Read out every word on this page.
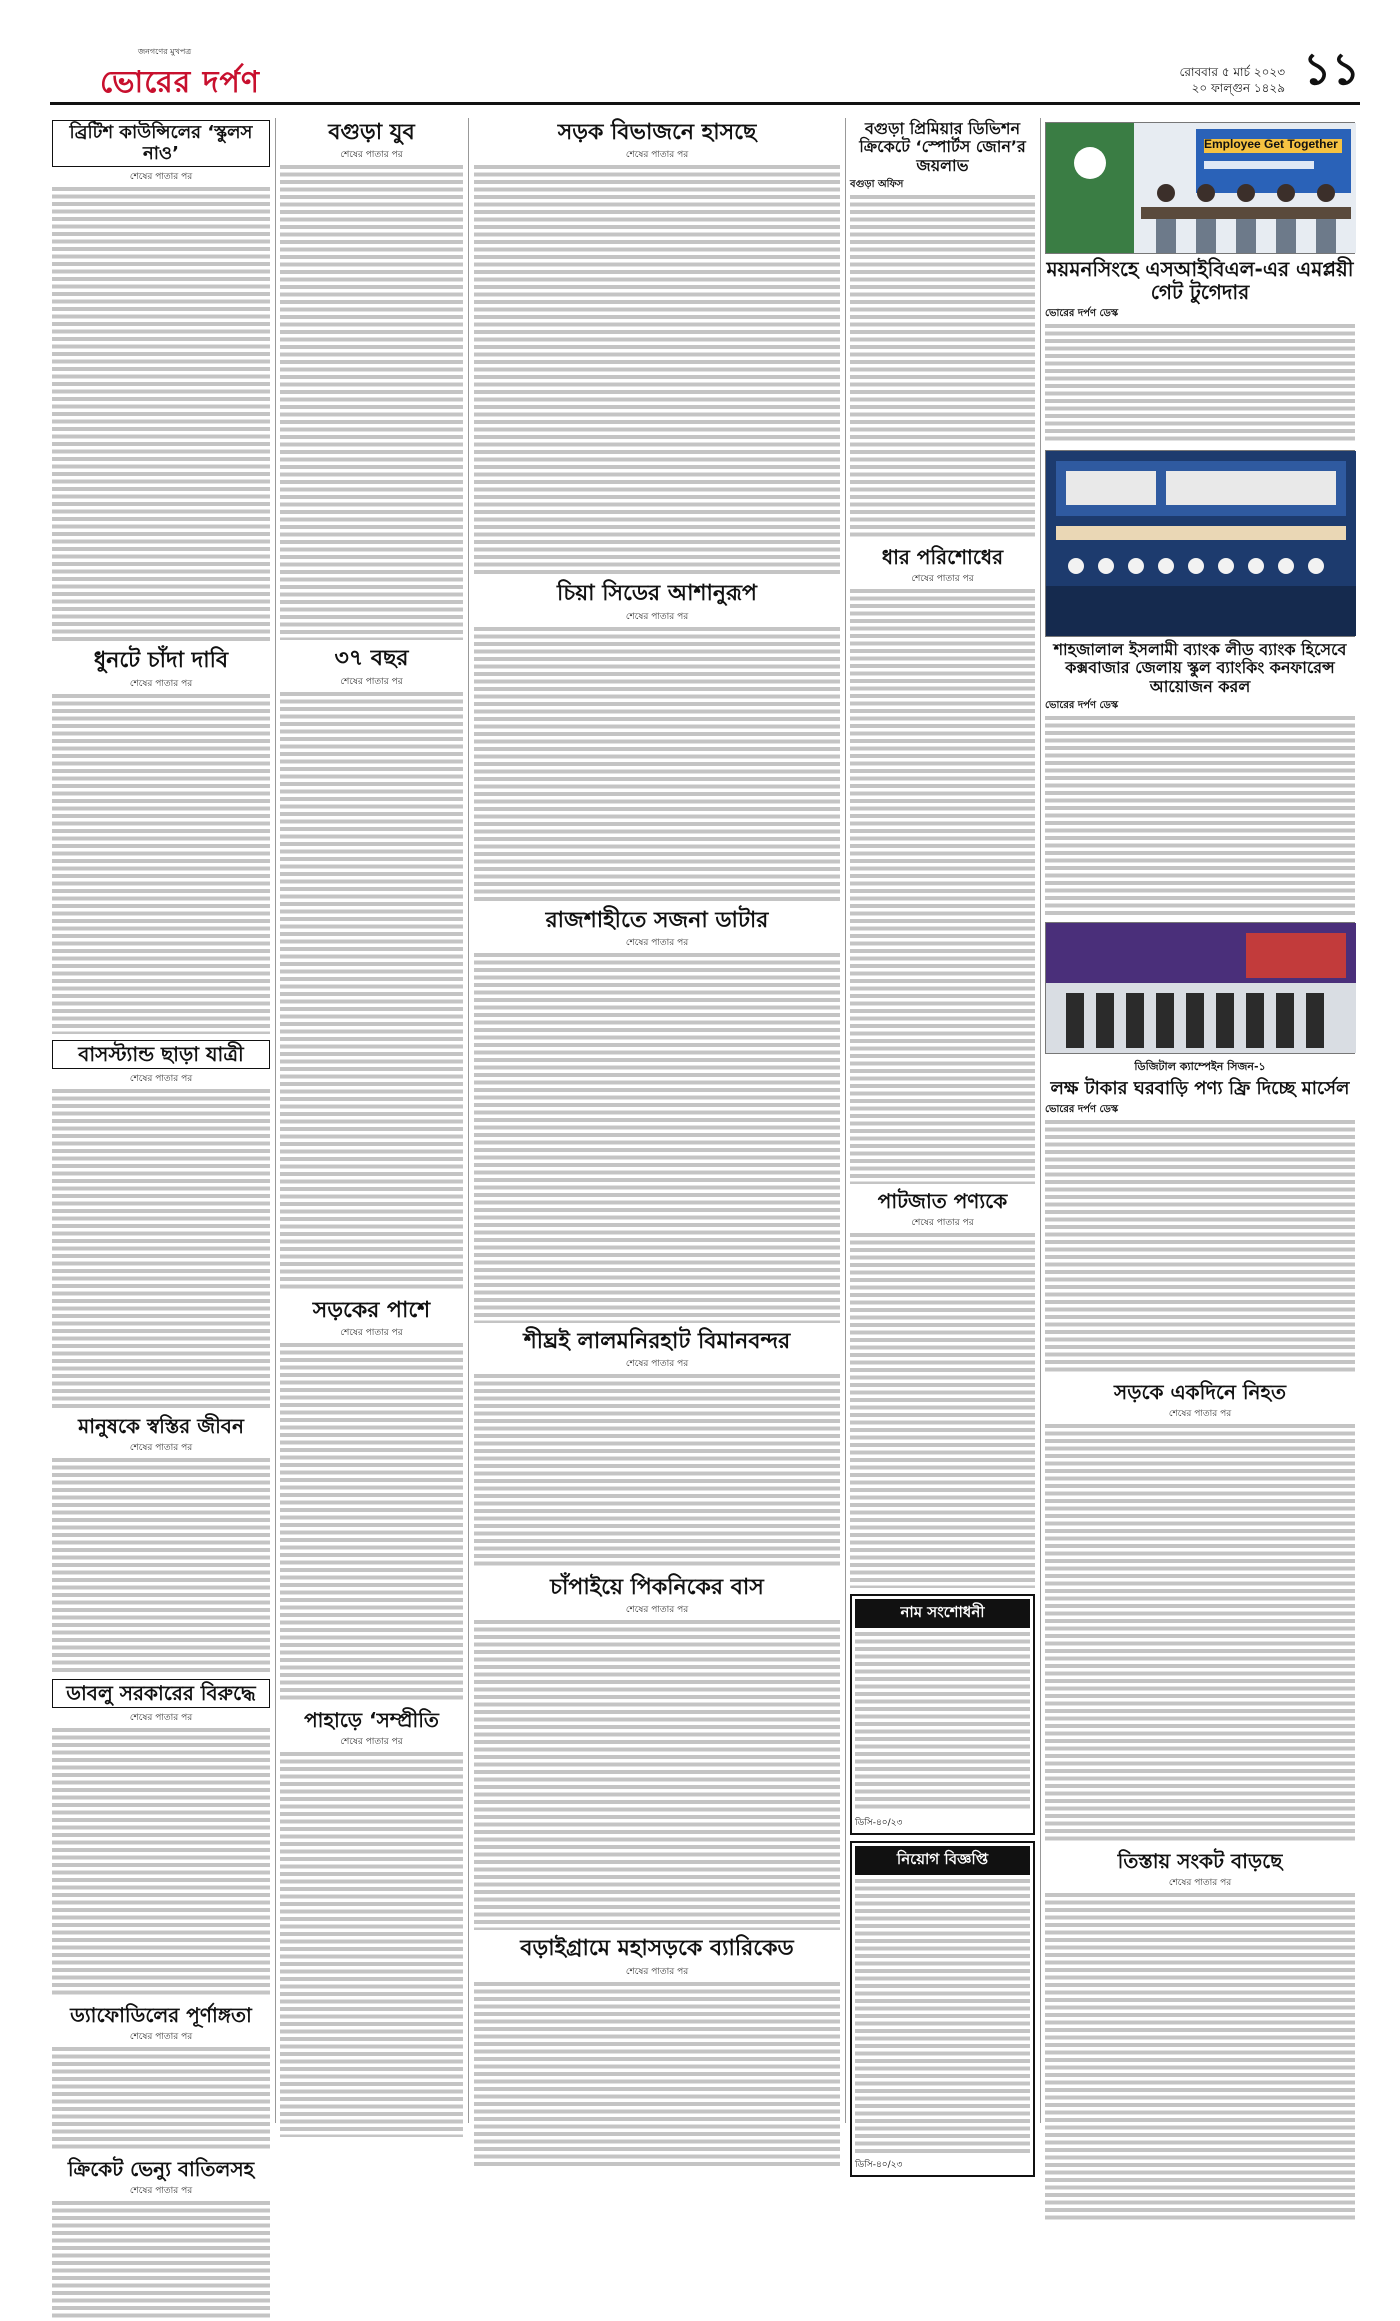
জনগণের মুখপত্র
ভোরের দর্পণ	রোববার ৫ মার্চ ২০২৩
২০ ফাল্গুন ১৪২৯ ১১
ব্রিটিশ কাউন্সিলের ‘স্কুলস নাও’
শেষের পাতার পর
ধুনটে চাঁদা দাবি
শেষের পাতার পর
বাসস্ট্যান্ড ছাড়া যাত্রী
শেষের পাতার পর
মানুষকে স্বস্তির জীবন
শেষের পাতার পর
ডাবলু সরকারের বিরুদ্ধে
শেষের পাতার পর
ড্যাফোডিলের পূর্ণাঙ্গতা
শেষের পাতার পর
ক্রিকেট ভেন্যু বাতিলসহ
শেষের পাতার পর
বগুড়া যুব
শেষের পাতার পর
৩৭ বছর
শেষের পাতার পর
সড়কের পাশে
শেষের পাতার পর
পাহাড়ে ‘সম্প্রীতি
শেষের পাতার পর
সড়ক বিভাজনে হাসছে
শেষের পাতার পর
চিয়া সিডের আশানুরূপ
শেষের পাতার পর
রাজশাহীতে সজনা ডাটার
শেষের পাতার পর
শীঘ্রই লালমনিরহাট বিমানবন্দর
শেষের পাতার পর
চাঁপাইয়ে পিকনিকের বাস
শেষের পাতার পর
বড়াইগ্রামে মহাসড়কে ব্যারিকেড
শেষের পাতার পর
বগুড়া প্রিমিয়ার ডিভিশন ক্রিকেটে ‘স্পোর্টস জোন’র জয়লাভ
বগুড়া অফিস
ধার পরিশোধের
শেষের পাতার পর
পাটজাত পণ্যকে
শেষের পাতার পর
নাম সংশোধনী
ডিসি-৪০/২৩
নিয়োগ বিজ্ঞপ্তি
ডিসি-৪০/২৩
Employee Get Together
ময়মনসিংহে এসআইবিএল-এর এমপ্লয়ী গেট টুগেদার
ভোরের দর্পণ ডেস্ক
শাহজালাল ইসলামী ব্যাংক লীড ব্যাংক হিসেবে কক্সবাজার জেলায় স্কুল ব্যাংকিং কনফারেন্স আয়োজন করল
ভোরের দর্পণ ডেস্ক
ডিজিটাল ক্যাম্পেইন সিজন-১
লক্ষ টাকার ঘরবাড়ি পণ্য ফ্রি দিচ্ছে মার্সেল
ভোরের দর্পণ ডেস্ক
সড়কে একদিনে নিহত
শেষের পাতার পর
তিস্তায় সংকট বাড়ছে
শেষের পাতার পর
